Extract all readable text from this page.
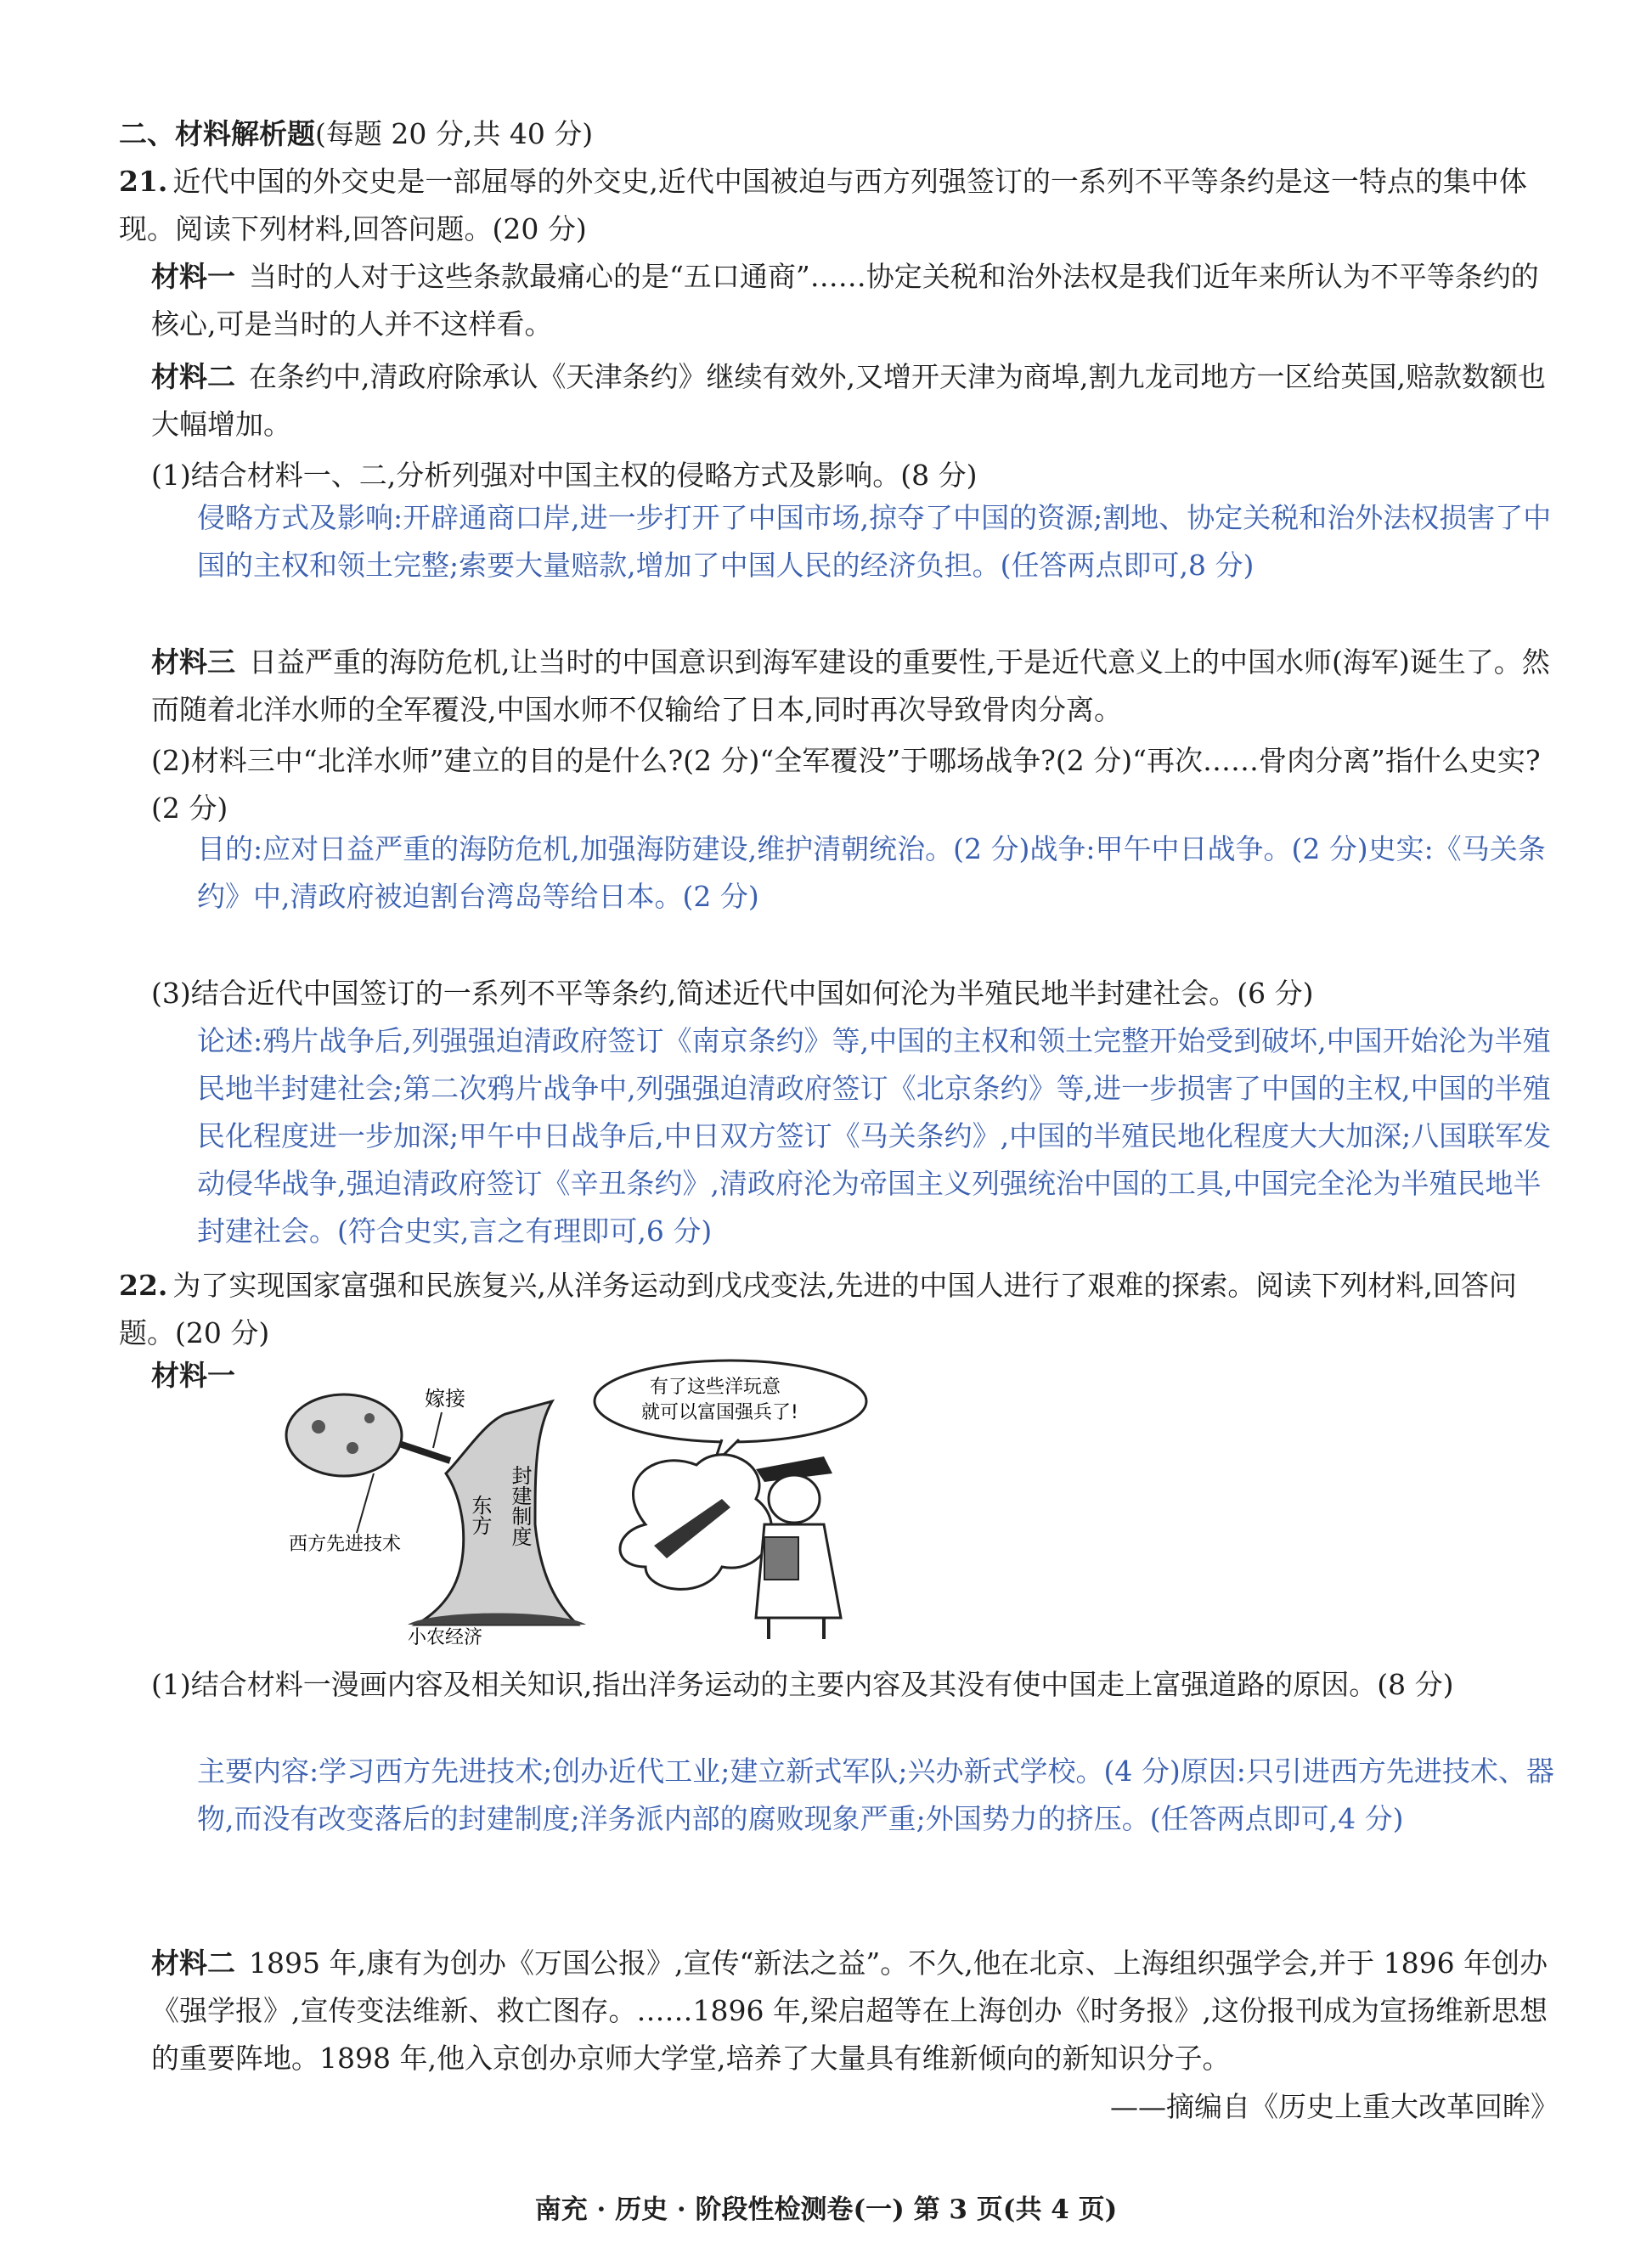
二、材料解析题(每题 20 分,共 40 分)
21. 近代中国的外交史是一部屈辱的外交史,近代中国被迫与西方列强签订的一系列不平等条约是这一特点的集中体现。阅读下列材料,回答问题。(20 分)
材料一 当时的人对于这些条款最痛心的是“五口通商”……协定关税和治外法权是我们近年来所认为不平等条约的核心,可是当时的人并不这样看。
材料二 在条约中,清政府除承认《天津条约》继续有效外,又增开天津为商埠,割九龙司地方一区给英国,赔款数额也大幅增加。
(1)结合材料一、二,分析列强对中国主权的侵略方式及影响。(8 分)
侵略方式及影响:开辟通商口岸,进一步打开了中国市场,掠夺了中国的资源;割地、协定关税和治外法权损害了中国的主权和领土完整;索要大量赔款,增加了中国人民的经济负担。(任答两点即可,8 分)
材料三 日益严重的海防危机,让当时的中国意识到海军建设的重要性,于是近代意义上的中国水师(海军)诞生了。然而随着北洋水师的全军覆没,中国水师不仅输给了日本,同时再次导致骨肉分离。
(2)材料三中“北洋水师”建立的目的是什么?(2 分)“全军覆没”于哪场战争?(2 分)“再次……骨肉分离”指什么史实?(2 分)
目的:应对日益严重的海防危机,加强海防建设,维护清朝统治。(2 分)战争:甲午中日战争。(2 分)史实:《马关条约》中,清政府被迫割台湾岛等给日本。(2 分)
(3)结合近代中国签订的一系列不平等条约,简述近代中国如何沦为半殖民地半封建社会。(6 分)
论述:鸦片战争后,列强强迫清政府签订《南京条约》等,中国的主权和领土完整开始受到破坏,中国开始沦为半殖民地半封建社会;第二次鸦片战争中,列强强迫清政府签订《北京条约》等,进一步损害了中国的主权,中国的半殖民化程度进一步加深;甲午中日战争后,中日双方签订《马关条约》,中国的半殖民地化程度大大加深;八国联军发动侵华战争,强迫清政府签订《辛丑条约》,清政府沦为帝国主义列强统治中国的工具,中国完全沦为半殖民地半封建社会。(符合史实,言之有理即可,6 分)
22. 为了实现国家富强和民族复兴,从洋务运动到戊戌变法,先进的中国人进行了艰难的探索。阅读下列材料,回答问题。(20 分)
材料一
嫁接
西方先进技术
东方 封建制度
小农经济
有了这些洋玩意
就可以富国强兵了!
(1)结合材料一漫画内容及相关知识,指出洋务运动的主要内容及其没有使中国走上富强道路的原因。(8 分)
主要内容:学习西方先进技术;创办近代工业;建立新式军队;兴办新式学校。(4 分)原因:只引进西方先进技术、器物,而没有改变落后的封建制度;洋务派内部的腐败现象严重;外国势力的挤压。(任答两点即可,4 分)
材料二 1895 年,康有为创办《万国公报》,宣传“新法之益”。不久,他在北京、上海组织强学会,并于 1896 年创办《强学报》,宣传变法维新、救亡图存。……1896 年,梁启超等在上海创办《时务报》,这份报刊成为宣扬维新思想的重要阵地。1898 年,他入京创办京师大学堂,培养了大量具有维新倾向的新知识分子。
——摘编自《历史上重大改革回眸》
南充 · 历史 · 阶段性检测卷(一) 第 3 页(共 4 页)
